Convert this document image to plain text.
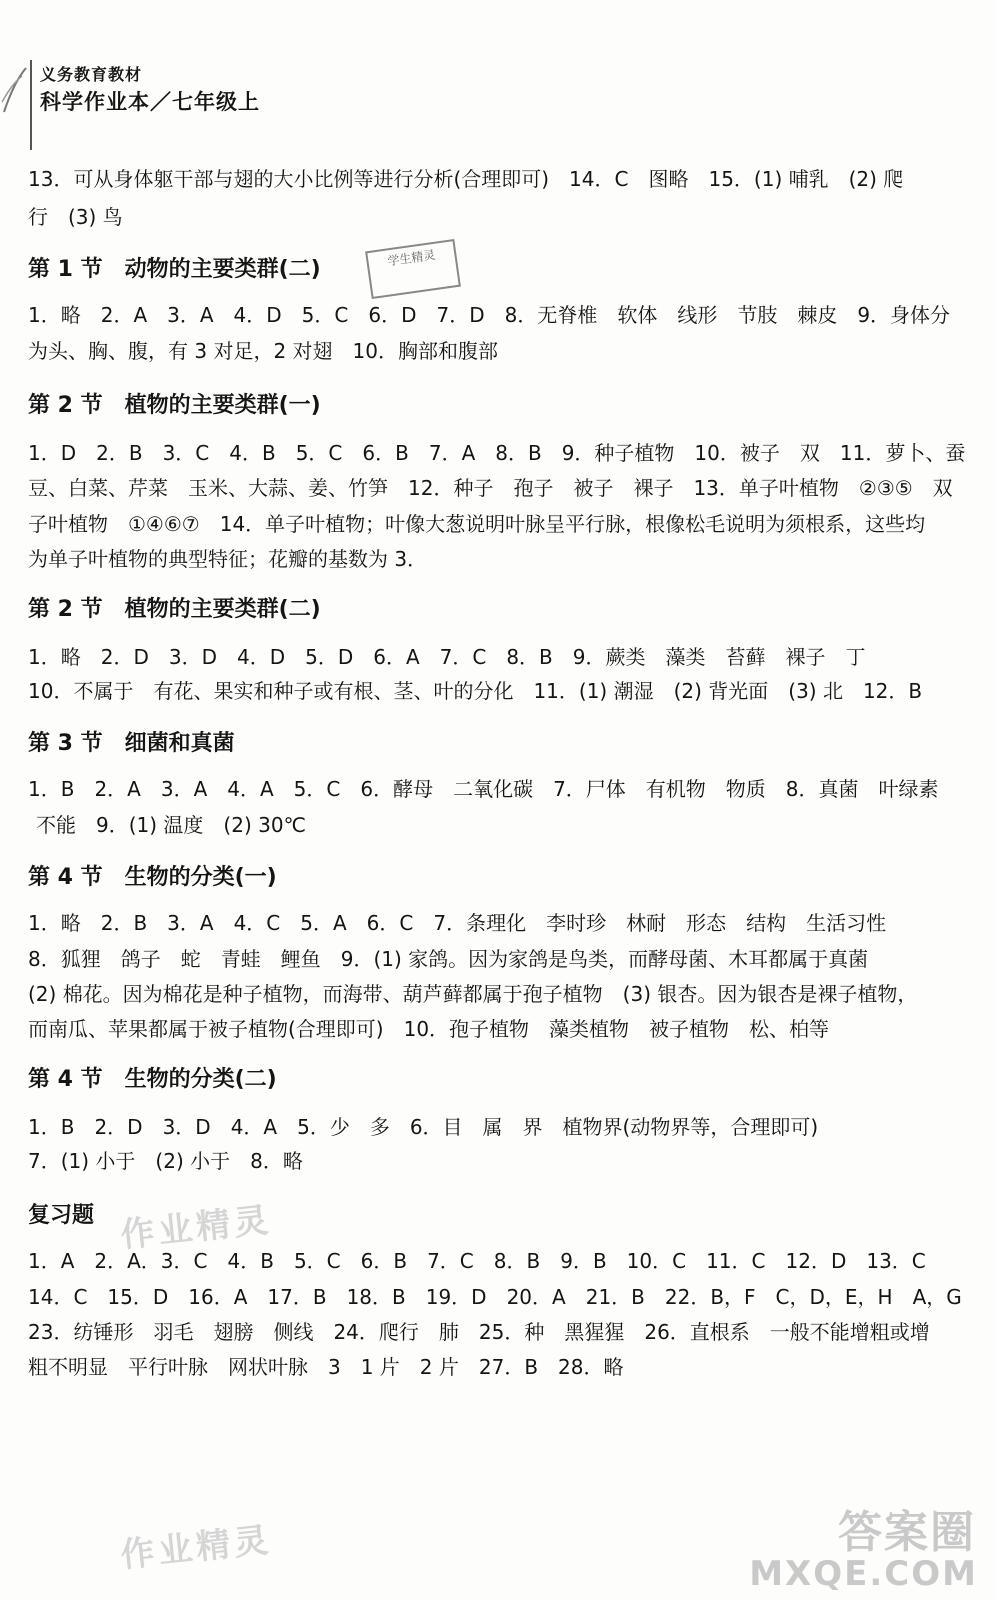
义务教育教材
科学作业本／七年级上
学生精灵
13．可从身体躯干部与翅的大小比例等进行分析(合理即可)　14．C　图略　15．(1) 哺乳　(2) 爬
行　(3) 鸟
第 1 节　动物的主要类群(二)
1．略　2．A　3．A　4．D　5．C　6．D　7．D　8．无脊椎　软体　线形　节肢　棘皮　9．身体分
为头、胸、腹，有 3 对足，2 对翅　10．胸部和腹部
第 2 节　植物的主要类群(一)
1．D　2．B　3．C　4．B　5．C　6．B　7．A　8．B　9．种子植物　10．被子　双　11．萝卜、蚕
豆、白菜、芹菜　玉米、大蒜、姜、竹笋　12．种子　孢子　被子　裸子　13．单子叶植物　②③⑤　双
子叶植物　①④⑥⑦　14．单子叶植物；叶像大葱说明叶脉呈平行脉，根像松毛说明为须根系，这些均
为单子叶植物的典型特征；花瓣的基数为 3．
第 2 节　植物的主要类群(二)
1．略　2．D　3．D　4．D　5．D　6．A　7．C　8．B　9．蕨类　藻类　苔藓　裸子　丁
10．不属于　有花、果实和种子或有根、茎、叶的分化　11．(1) 潮湿　(2) 背光面　(3) 北　12．B
第 3 节　细菌和真菌
1．B　2．A　3．A　4．A　5．C　6．酵母　二氧化碳　7．尸体　有机物　物质　8．真菌　叶绿素
不能　9．(1) 温度　(2) 30℃
第 4 节　生物的分类(一)
1．略　2．B　3．A　4．C　5．A　6．C　7．条理化　李时珍　林耐　形态　结构　生活习性
8．狐狸　鸽子　蛇　青蛙　鲤鱼　9．(1) 家鸽。因为家鸽是鸟类，而酵母菌、木耳都属于真菌
(2) 棉花。因为棉花是种子植物，而海带、葫芦藓都属于孢子植物　(3) 银杏。因为银杏是裸子植物，
而南瓜、苹果都属于被子植物(合理即可)　10．孢子植物　藻类植物　被子植物　松、柏等
第 4 节　生物的分类(二)
1．B　2．D　3．D　4．A　5．少　多　6．目　属　界　植物界(动物界等，合理即可)
7．(1) 小于　(2) 小于　8．略
复习题
1．A　2．A．3．C　4．B　5．C　6．B　7．C　8．B　9．B　10．C　11．C　12．D　13．C
14．C　15．D　16．A　17．B　18．B　19．D　20．A　21．B　22．B，F　C，D，E，H　A，G
23．纺锤形　羽毛　翅膀　侧线　24．爬行　肺　25．种　黑猩猩　26．直根系　一般不能增粗或增
粗不明显　平行叶脉　网状叶脉　3　1 片　2 片　27．B　28．略
作业精灵
作业精灵	答案圈
MXQE.COM
